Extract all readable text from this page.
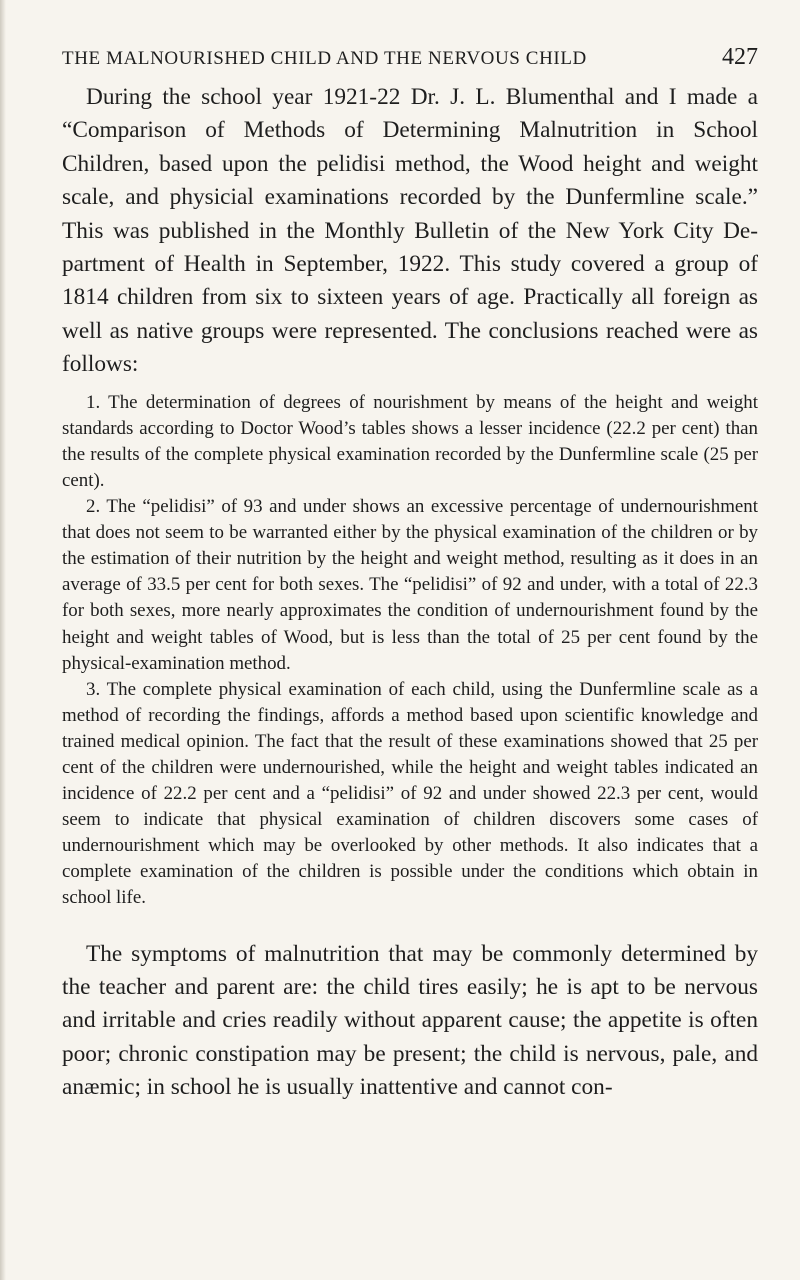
THE MALNOURISHED CHILD AND THE NERVOUS CHILD	427

During the school year 1921-22 Dr. J. L. Blumenthal and I made a “Comparison of Methods of Determining Malnutrition in School Children, based upon the pelidisi method, the Wood height and weight scale, and physicial examinations recorded by the Dunfermline scale.” This was published in the Monthly Bulletin of the New York City Department of Health in September, 1922. This study covered a group of 1814 children from six to sixteen years of age. Practically all foreign as well as native groups were represented. The conclusions reached were as follows:

1. The determination of degrees of nourishment by means of the height and weight standards according to Doctor Wood’s tables shows a lesser incidence (22.2 per cent) than the results of the complete physical examination recorded by the Dunfermline scale (25 per cent).

2. The “pelidisi” of 93 and under shows an excessive percentage of undernourishment that does not seem to be warranted either by the physical examination of the children or by the estimation of their nutrition by the height and weight method, resulting as it does in an average of 33.5 per cent for both sexes. The “pelidisi” of 92 and under, with a total of 22.3 for both sexes, more nearly approximates the condition of undernourishment found by the height and weight tables of Wood, but is less than the total of 25 per cent found by the physical-examination method.

3. The complete physical examination of each child, using the Dunfermline scale as a method of recording the findings, affords a method based upon scientific knowledge and trained medical opinion. The fact that the result of these examinations showed that 25 per cent of the children were undernourished, while the height and weight tables indicated an incidence of 22.2 per cent and a “pelidisi” of 92 and under showed 22.3 per cent, would seem to indicate that physical examination of children discovers some cases of undernourishment which may be overlooked by other methods. It also indicates that a complete examination of the children is possible under the conditions which obtain in school life.

The symptoms of malnutrition that may be commonly determined by the teacher and parent are: the child tires easily; he is apt to be nervous and irritable and cries readily without apparent cause; the appetite is often poor; chronic constipation may be present; the child is nervous, pale, and anæmic; in school he is usually inattentive and cannot con-
